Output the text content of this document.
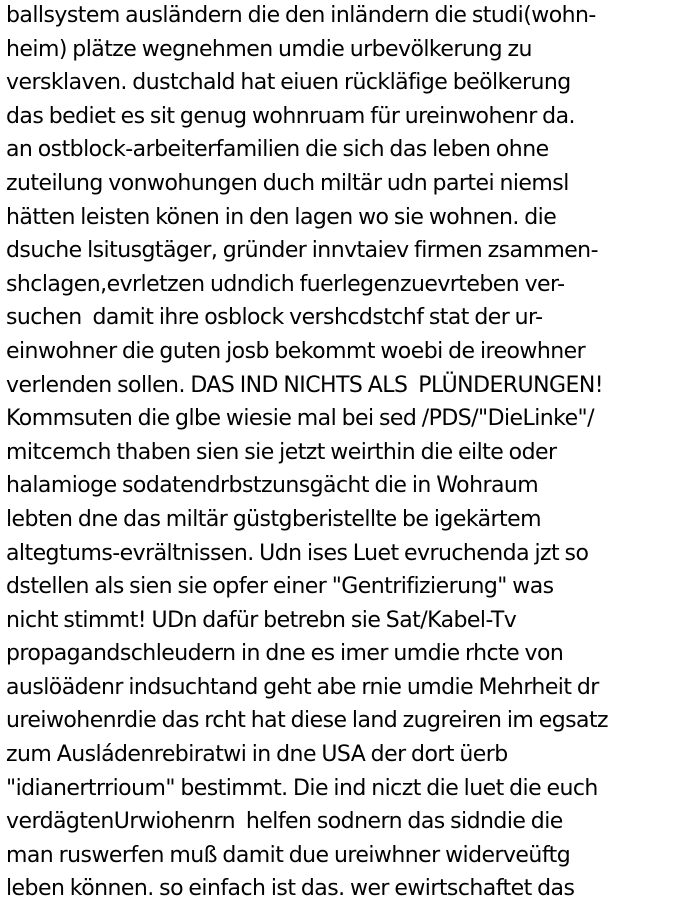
ballsystem ausländern die den inländern die studi(wohn-
heim) plätze wegnehmen umdie urbevölkerung zu
versklaven. dustchald hat eiuen rückläfige beölkerung
das bediet es sit genug wohnruam für ureinwohenr da.
an ostblock-arbeiterfamilien die sich das leben ohne
zuteilung vonwohungen duch miltär udn partei niemsl
hätten leisten könen in den lagen wo sie wohnen. die
dsuche lsitusgtäger, gründer innvtaiev firmen zsammen-
shclagen,evrletzen udndich fuerlegenzuevrteben ver-
suchen  damit ihre osblock vershcdstchf stat der ur-
einwohner die guten josb bekommt woebi de ireowhner
verlenden sollen. DAS IND NICHTS ALS  PLÜNDERUNGEN!
Kommsuten die glbe wiesie mal bei sed /PDS/"DieLinke"/
mitcemch thaben sien sie jetzt weirthin die eilte oder
halamioge sodatendrbstzunsgächt die in Wohraum
lebten dne das miltär güstgberistellte be igekärtem
altegtums-evrältnissen. Udn ises Luet evruchenda jzt so
dstellen als sien sie opfer einer "Gentrifizierung" was
nicht stimmt! UDn dafür betrebn sie Sat/Kabel-Tv
propagandschleudern in dne es imer umdie rhcte von
auslöädenr indsuchtand geht abe rnie umdie Mehrheit dr
ureiwohenrdie das rcht hat diese land zugreiren im egsatz
zum Ausládenrebiratwi in dne USA der dort üerb
"idianertrrioum" bestimmt. Die ind niczt die luet die euch
verdägtenUrwiohenrn  helfen sodnern das sidndie die
man ruswerfen muß damit due ureiwhner widerveüftg
leben können. so einfach ist das. wer ewirtschaftet das
